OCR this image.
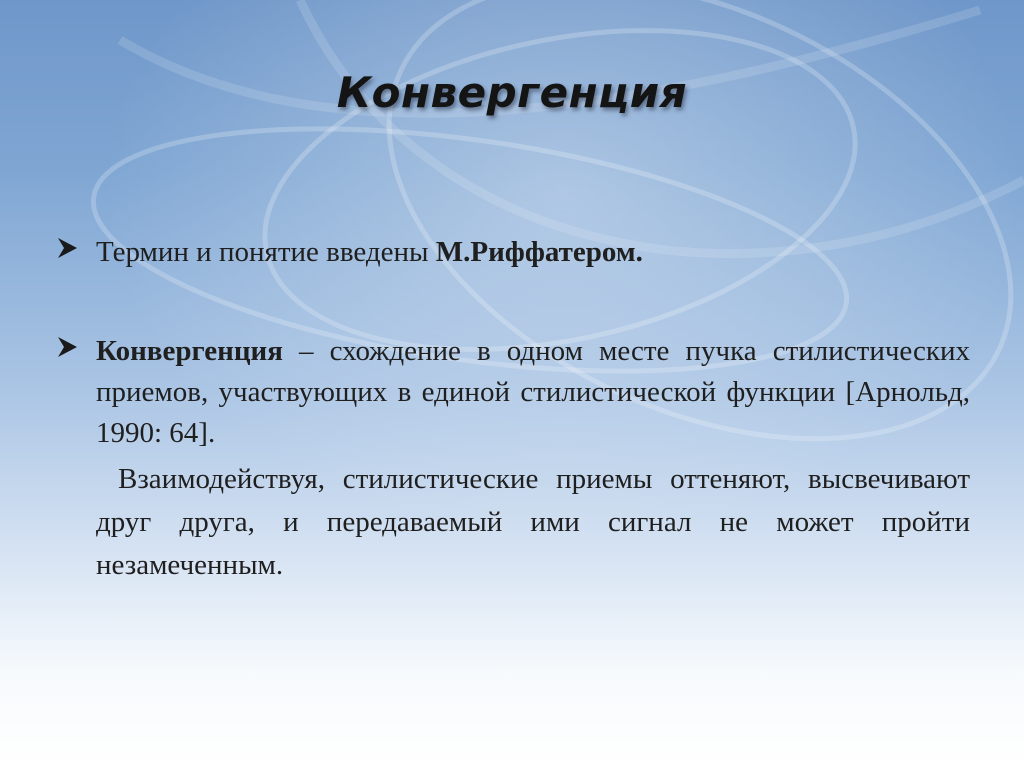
Конвергенция
Термин и понятие введены М.Риффатером.
Конвергенция – схождение в одном месте пучка стилистических приемов, участвующих в единой стилистической функции [Арнольд, 1990: 64].
Взаимодействуя, стилистические приемы оттеняют, высвечивают друг друга, и передаваемый ими сигнал не может пройти незамеченным.
